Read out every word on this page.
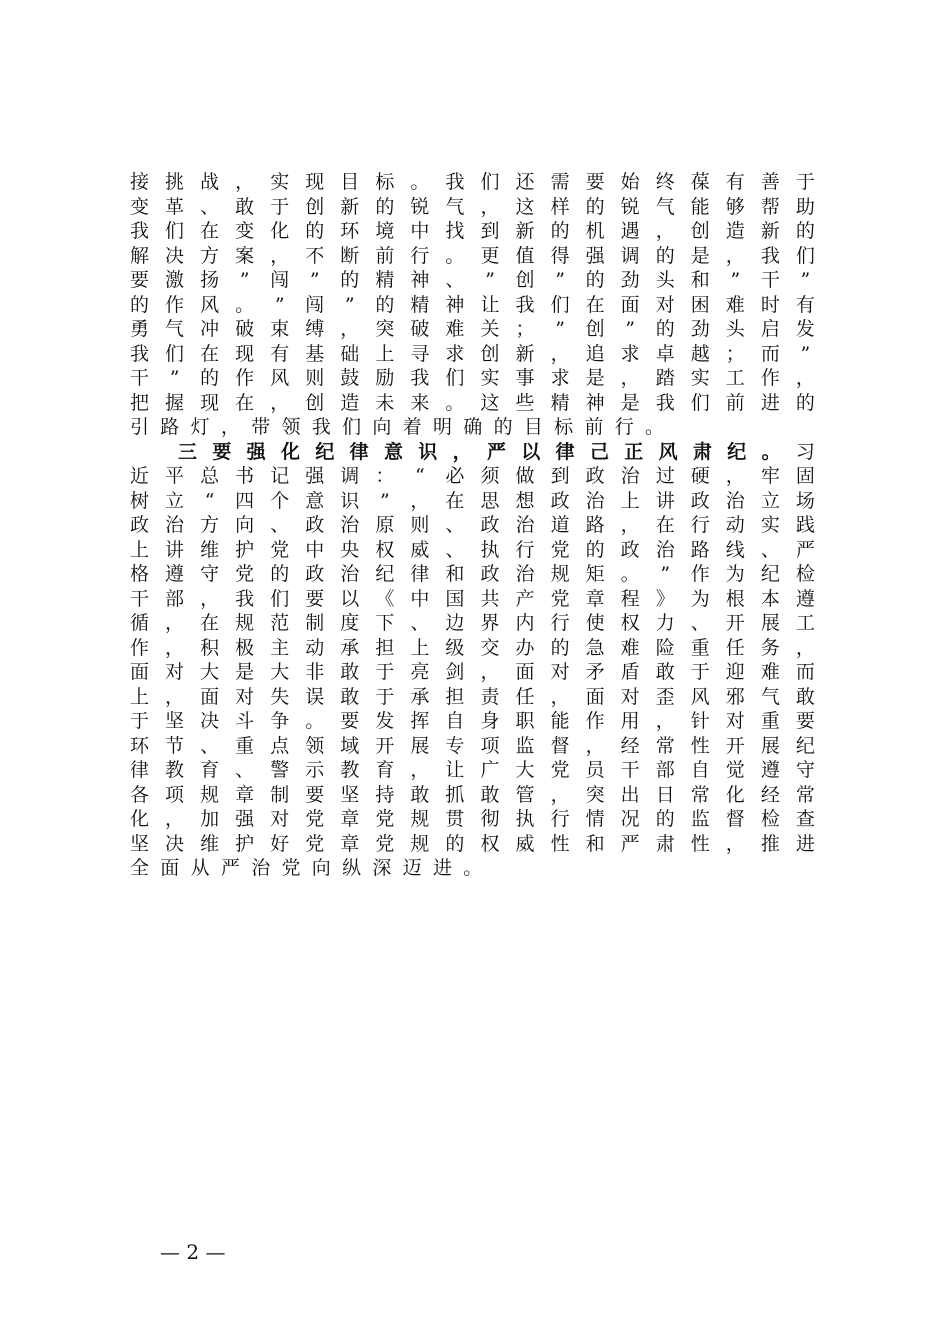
接 挑 战 ， 实 现 目 标 。 我 们 还 需 要 始 终 葆 有 善 于
变 革 、 敢 于 创 新 的 锐 气 ， 这 样 的 锐 气 能 够 帮 助
我 们 在 变 化 的 环 境 中 找 到 新 的 机 遇 ， 创 造 新 的
解 决 方 案 ， 不 断 前 行 。 更 值 得 强 调 的 是 ， 我 们
要 激 扬 ” 闯 ” 的 精 神 、 ” 创 ” 的 劲 头 和 ” 干 ”
的 作 风 。 ” 闯 ” 的 精 神 让 我 们 在 面 对 困 难 时 有
勇 气 冲 破 束 缚 ， 突 破 难 关 ； ” 创 ” 的 劲 头 启 发
我 们 在 现 有 基 础 上 寻 求 创 新 ， 追 求 卓 越 ； 而 ”
干 ” 的 作 风 则 鼓 励 我 们 实 事 求 是 ， 踏 实 工 作 ，
把 握 现 在 ， 创 造 未 来 。 这 些 精 神 是 我 们 前 进 的
引 路 灯 ， 带 领 我 们 向 着 明 确 的 目 标 前 行 。
三 要 强 化 纪 律 意 识 ， 严 以 律 己 正 风 肃 纪 。 习
近 平 总 书 记 强 调 ： “ 必 须 做 到 政 治 过 硬 ， 牢 固
树 立 “ 四 个 意 识 ” ， 在 思 想 政 治 上 讲 政 治 立 场
政 治 方 向 、 政 治 原 则 、 政 治 道 路 ， 在 行 动 实 践
上 讲 维 护 党 中 央 权 威 、 执 行 党 的 政 治 路 线 、 严
格 遵 守 党 的 政 治 纪 律 和 政 治 规 矩 。 ” 作 为 纪 检
干 部 ， 我 们 要 以 《 中 国 共 产 党 章 程 》 为 根 本 遵
循 ， 在 规 范 制 度 下 、 边 界 内 行 使 权 力 、 开 展 工
作 ， 积 极 主 动 承 担 上 级 交 办 的 急 难 险 重 任 务 ，
面 对 大 是 大 非 敢 于 亮 剑 ， 面 对 矛 盾 敢 于 迎 难 而
上 ， 面 对 失 误 敢 于 承 担 责 任 ， 面 对 歪 风 邪 气 敢
于 坚 决 斗 争 。 要 发 挥 自 身 职 能 作 用 ， 针 对 重 要
环 节 、 重 点 领 域 开 展 专 项 监 督 ， 经 常 性 开 展 纪
律 教 育 、 警 示 教 育 ， 让 广 大 党 员 干 部 自 觉 遵 守
各 项 规 章 制 要 坚 持 敢 抓 敢 管 ， 突 出 日 常 化 经 常
化 ， 加 强 对 党 章 党 规 贯 彻 执 行 情 况 的 监 督 检 查
坚 决 维 护 好 党 章 党 规 的 权 威 性 和 严 肃 性 ， 推 进
全 面 从 严 治 党 向 纵 深 迈 进 。
— 2 —
